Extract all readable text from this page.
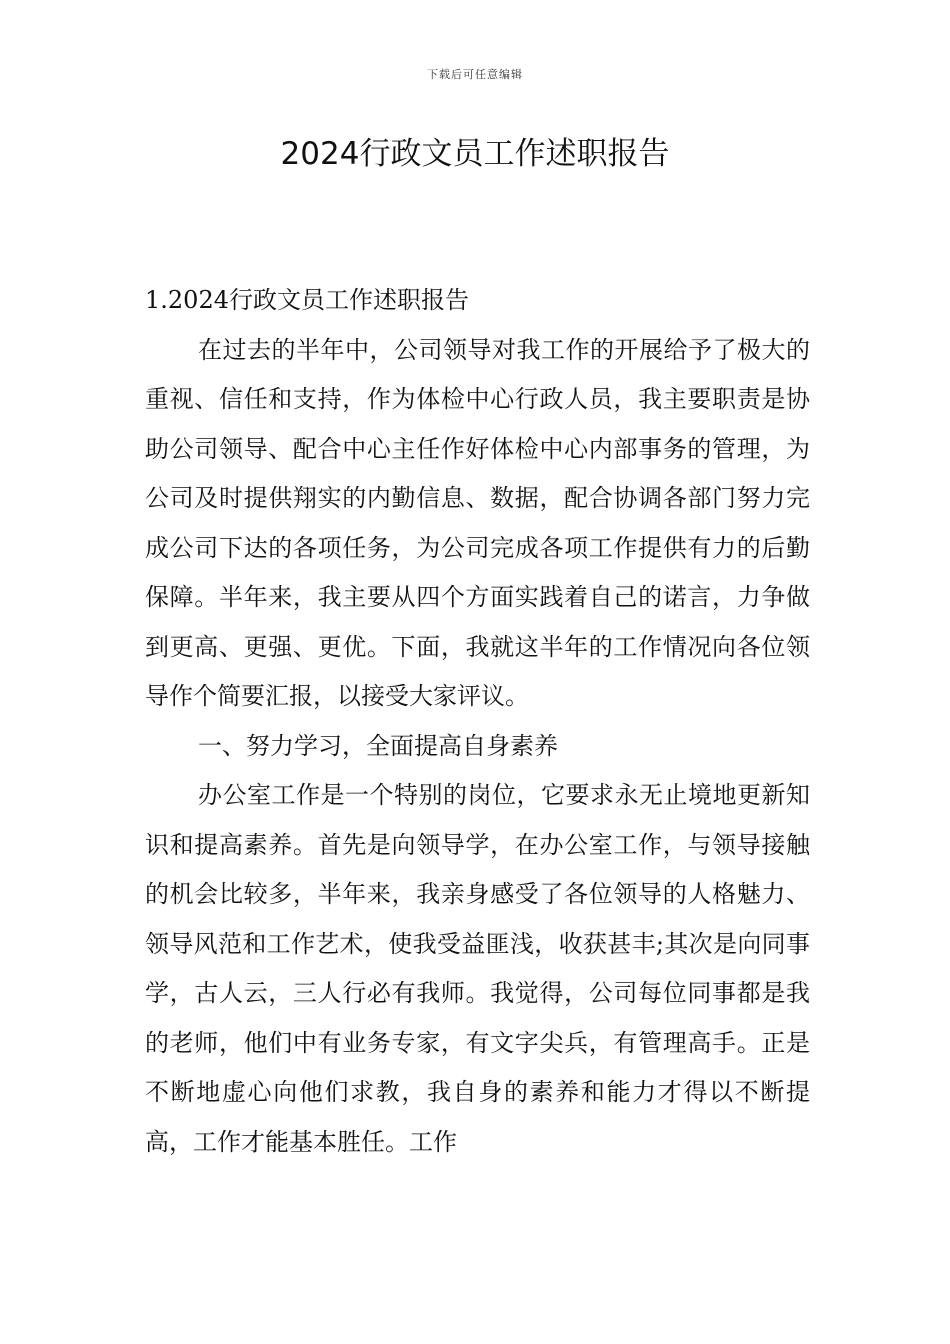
下载后可任意编辑
2024行政文员工作述职报告

1.2024行政文员工作述职报告

在过去的半年中，公司领导对我工作的开展给予了极大的重视、信任和支持，作为体检中心行政人员，我主要职责是协助公司领导、配合中心主任作好体检中心内部事务的管理，为公司及时提供翔实的内勤信息、数据，配合协调各部门努力完成公司下达的各项任务，为公司完成各项工作提供有力的后勤保障。半年来，我主要从四个方面实践着自己的诺言，力争做到更高、更强、更优。下面，我就这半年的工作情况向各位领导作个简要汇报，以接受大家评议。

一、努力学习，全面提高自身素养

办公室工作是一个特别的岗位，它要求永无止境地更新知识和提高素养。首先是向领导学，在办公室工作，与领导接触的机会比较多，半年来，我亲身感受了各位领导的人格魅力、领导风范和工作艺术，使我受益匪浅，收获甚丰;其次是向同事学，古人云，三人行必有我师。我觉得，公司每位同事都是我的老师，他们中有业务专家，有文字尖兵，有管理高手。正是不断地虚心向他们求教，我自身的素养和能力才得以不断提高，工作才能基本胜任。工作
